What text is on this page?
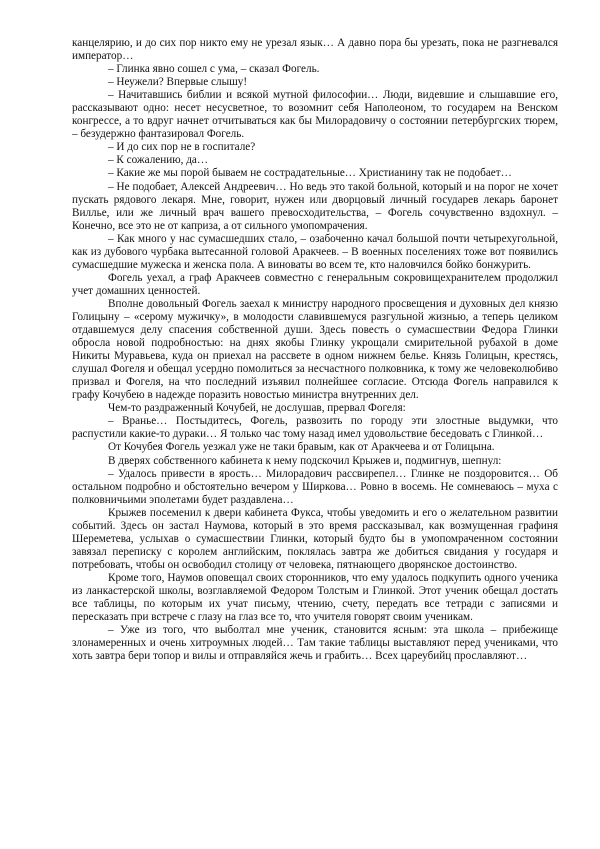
канцелярию, и до сих пор никто ему не урезал язык… А давно пора бы урезать, пока не разгневался император…

– Глинка явно сошел с ума, – сказал Фогель.

– Неужели? Впервые слышу!

– Начитавшись библии и всякой мутной философии… Люди, видевшие и слышавшие его, рассказывают одно: несет несусветное, то возомнит себя Наполеоном, то государем на Венском конгрессе, а то вдруг начнет отчитываться как бы Милорадовичу о состоянии петербургских тюрем, – безудержно фантазировал Фогель.

– И до сих пор не в госпитале?

– К сожалению, да…

– Какие же мы порой бываем не сострадательные… Христианину так не подобает…

– Не подобает, Алексей Андреевич… Но ведь это такой больной, который и на порог не хочет пускать рядового лекаря. Мне, говорит, нужен или дворцовый личный государев лекарь баронет Вилльe, или же личный врач вашего превосходительства, – Фогель сочувственно вздохнул. – Конечно, все это не от каприза, а от сильного умопомрачения.

– Как много у нас сумасшедших стало, – озабоченно качал большой почти четырехугольной, как из дубового чурбака вытесанной головой Аракчеев. – В военных поселениях тоже вот появились сумасшедшие мужеска и женска пола. А виноваты во всем те, кто наловчился бойко бонжурить.

Фогель уехал, а граф Аракчеев совместно с генеральным сокровищехранителем продолжил учет домашних ценностей.

Вполне довольный Фогель заехал к министру народного просвещения и духовных дел князю Голицыну – «серому мужичку», в молодости славившемуся разгульной жизнью, а теперь целиком отдавшемуся делу спасения собственной души. Здесь повесть о сумасшествии Федора Глинки обросла новой подробностью: на днях якобы Глинку укрощали смирительной рубахой в доме Никиты Муравьева, куда он приехал на рассвете в одном нижнем белье. Князь Голицын, крестясь, слушал Фогеля и обещал усердно помолиться за несчастного полковника, к тому же человеколюбиво призвал и Фогеля, на что последний изъявил полнейшее согласие. Отсюда Фогель направился к графу Кочубею в надежде поразить новостью министра внутренних дел.

Чем-то раздраженный Кочубей, не дослушав, прервал Фогеля:

– Вранье… Постыдитесь, Фогель, развозить по городу эти злостные выдумки, что распустили какие-то дураки… Я только час тому назад имел удовольствие беседовать с Глинкой…

От Кочубея Фогель уезжал уже не таки бравым, как от Аракчеева и от Голицына.

В дверях собственного кабинета к нему подскочил Крыжев и, подмигнув, шепнул:

– Удалось привести в ярость… Милорадович рассвирепел… Глинке не поздоровится… Об остальном подробно и обстоятельно вечером у Ширкова… Ровно в восемь. Не сомневаюсь – муха с полковничьими эполетами будет раздавлена…

Крыжев посеменил к двери кабинета Фукса, чтобы уведомить и его о желательном развитии событий. Здесь он застал Наумова, который в это время рассказывал, как возмущенная графиня Шереметева, услыхав о сумасшествии Глинки, который будто бы в умопомраченном состоянии завязал переписку с королем английским, поклялась завтра же добиться свидания у государя и потребовать, чтобы он освободил столицу от человека, пятнающего дворянское достоинство.

Кроме того, Наумов оповещал своих сторонников, что ему удалось подкупить одного ученика из ланкастерской школы, возглавляемой Федором Толстым и Глинкой. Этот ученик обещал достать все таблицы, по которым их учат письму, чтению, счету, передать все тетради с записями и пересказать при встрече с глазу на глаз все то, что учителя говорят своим ученикам.

– Уже из того, что выболтал мне ученик, становится ясным: эта школа – прибежище злонамеренных и очень хитроумных людей… Там такие таблицы выставляют перед учениками, что хоть завтра бери топор и вилы и отправляйся жечь и грабить… Всех цареубийц прославляют…
